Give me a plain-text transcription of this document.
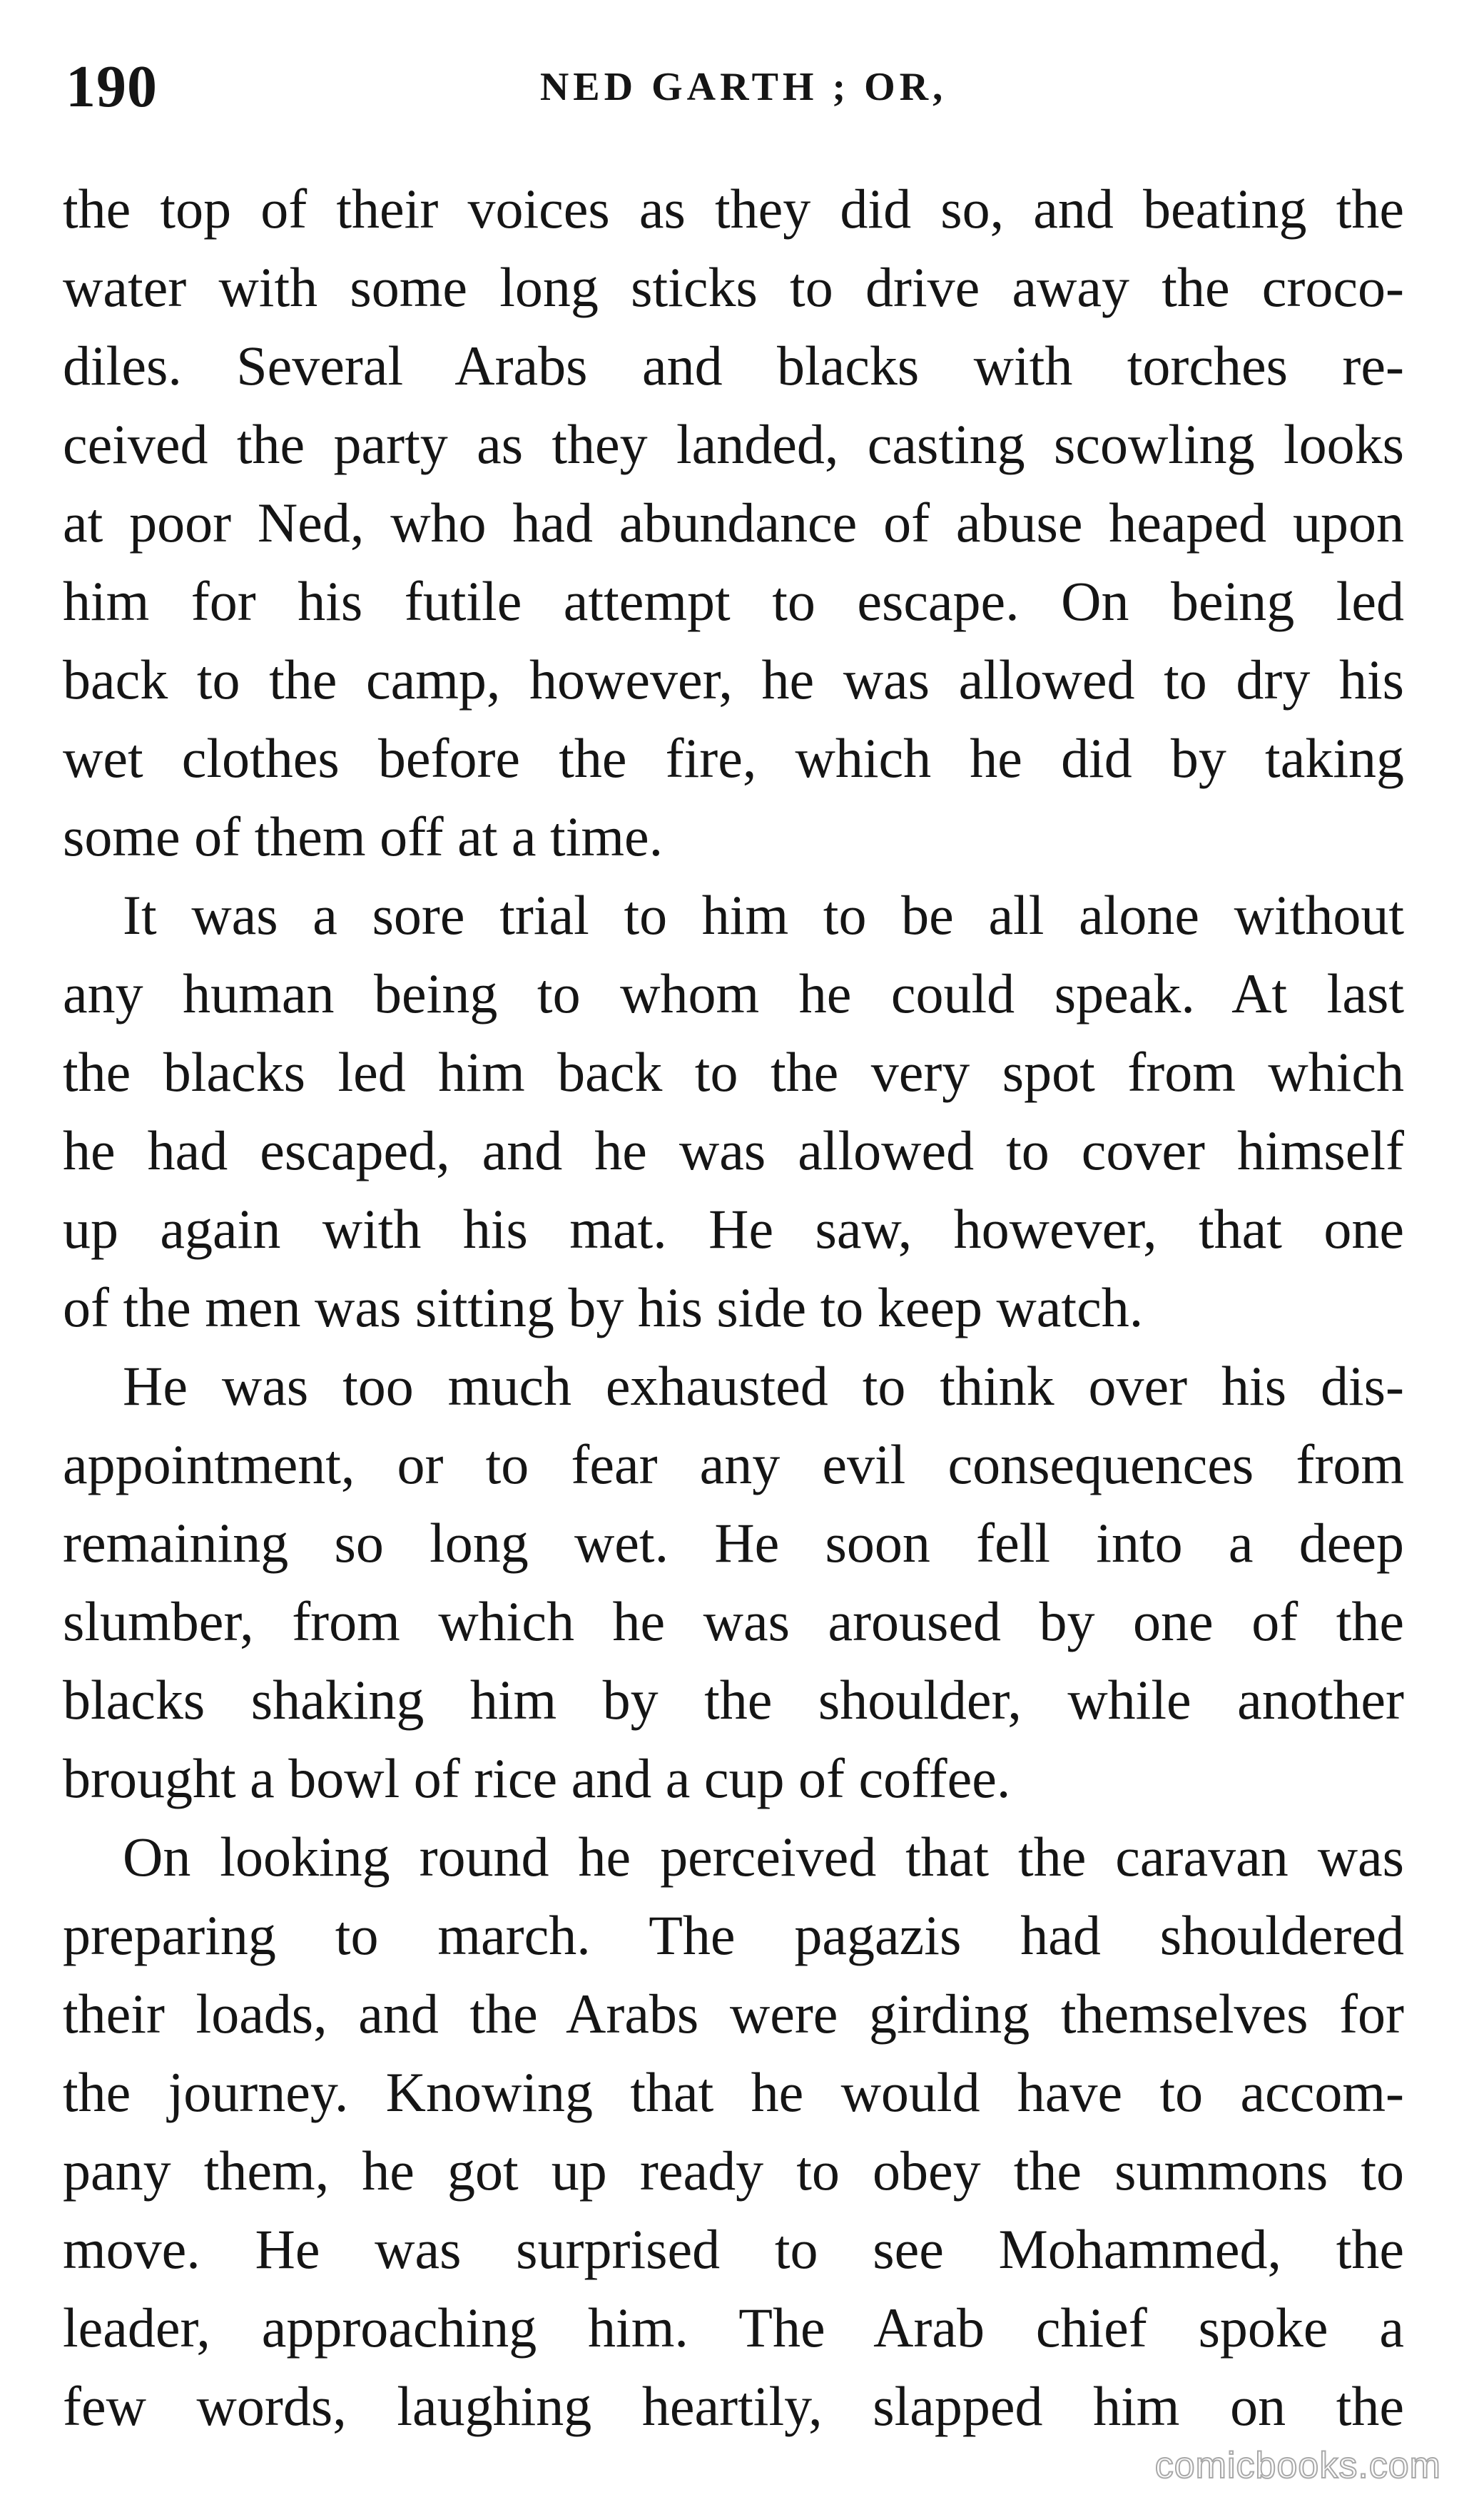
190	NED GARTH ; OR,

the top of their voices as they did so, and beating the
water with some long sticks to drive away the croco-
diles. Several Arabs and blacks with torches re-
ceived the party as they landed, casting scowling looks
at poor Ned, who had abundance of abuse heaped upon
him for his futile attempt to escape. On being led
back to the camp, however, he was allowed to dry his
wet clothes before the fire, which he did by taking
some of them off at a time.

It was a sore trial to him to be all alone without
any human being to whom he could speak. At last
the blacks led him back to the very spot from which
he had escaped, and he was allowed to cover himself
up again with his mat. He saw, however, that one
of the men was sitting by his side to keep watch.

He was too much exhausted to think over his dis-
appointment, or to fear any evil consequences from
remaining so long wet. He soon fell into a deep
slumber, from which he was aroused by one of the
blacks shaking him by the shoulder, while another
brought a bowl of rice and a cup of coffee.

On looking round he perceived that the caravan was
preparing to march. The pagazis had shouldered
their loads, and the Arabs were girding themselves for
the journey. Knowing that he would have to accom-
pany them, he got up ready to obey the summons to
move. He was surprised to see Mohammed, the
leader, approaching him. The Arab chief spoke a
few words, laughing heartily, slapped him on the

comicbooks.com
